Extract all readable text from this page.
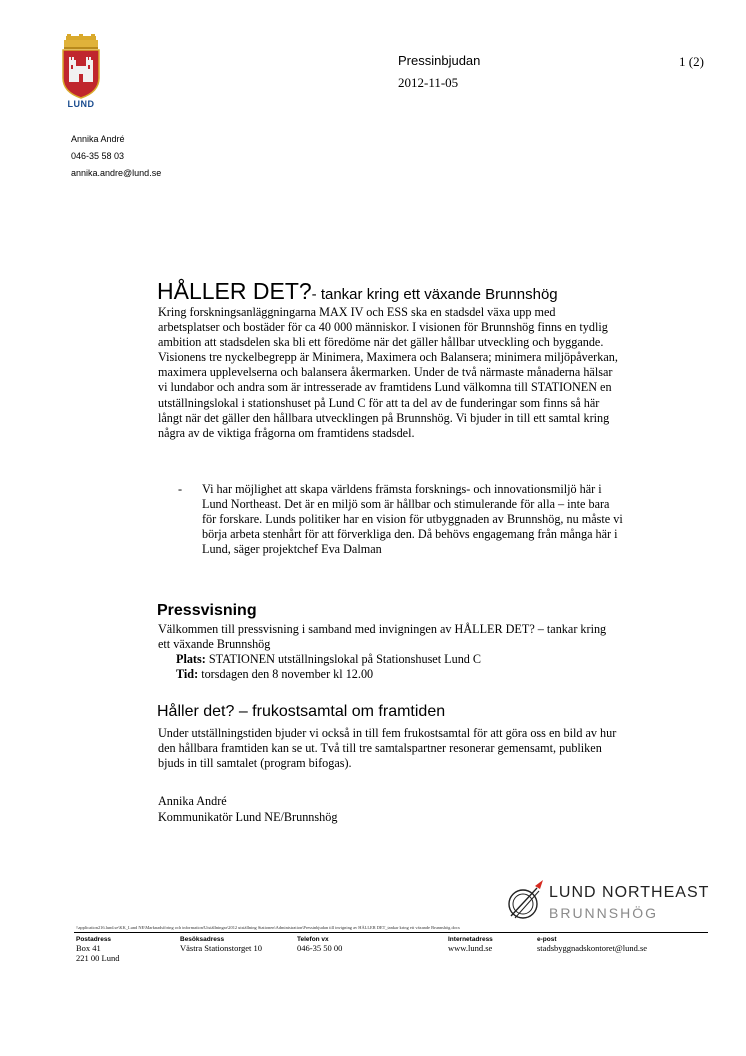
LUND
Pressinbjudan
2012-11-05
1 (2)
Annika André
046-35 58 03
annika.andre@lund.se
HÅLLER DET?- tankar kring ett växande Brunnshög

Kring forskningsanläggningarna MAX IV och ESS ska en stadsdel växa upp med arbetsplatser och bostäder för ca 40 000 människor. I visionen för Brunnshög finns en tydlig ambition att stadsdelen ska bli ett föredöme när det gäller hållbar utveckling och byggande.

Visionens tre nyckelbegrepp är Minimera, Maximera och Balansera; minimera miljöpåverkan, maximera upplevelserna och balansera åkermarken. Under de två närmaste månaderna hälsar vi lundabor och andra som är intresserade av framtidens Lund välkomna till STATIONEN en utställningslokal i stationshuset på Lund C för att ta del av de funderingar som finns så här långt när det gäller den hållbara utvecklingen på Brunnshög. Vi bjuder in till ett samtal kring några av de viktiga frågorna om framtidens stadsdel.

- Vi har möjlighet att skapa världens främsta forsknings- och innovationsmiljö här i Lund Northeast. Det är en miljö som är hållbar och stimulerande för alla – inte bara för forskare. Lunds politiker har en vision för utbyggnaden av Brunnshög, nu måste vi börja arbeta stenhårt för att förverkliga den. Då behövs engagemang från många här i Lund, säger projektchef Eva Dalman
Pressvisning

Välkommen till pressvisning i samband med invigningen av HÅLLER DET? – tankar kring ett växande Brunnshög

Plats: STATIONEN utställningslokal på Stationshuset Lund C

Tid: torsdagen den 8 november kl 12.00

Håller det? – frukostsamtal om framtiden

Under utställningstiden bjuder vi också in till fem frukostsamtal för att göra oss en bild av hur den hållbara framtiden kan se ut. Två till tre samtalspartner resonerar gemensamt, publiken bjuds in till samtalet (program bifogas).

Annika André
Kommunikatör Lund NE/Brunnshög
LUND NORTHEAST
BRUNNSHÖG
\\application216.lund.se\KK_Lund NE\Marknadsföring och information\Utställningar\2012 utställning Stationen\Administration\Pressinbjudan till invigning av HÅLLER DET_tankar kring ett växande Brunnshög.docx
Postadress
Box 41
221 00 Lund
Besöksadress
Västra Stationstorget 10
Telefon vx
046-35 50 00
Internetadress
www.lund.se
e-post
stadsbyggnadskontoret@lund.se
